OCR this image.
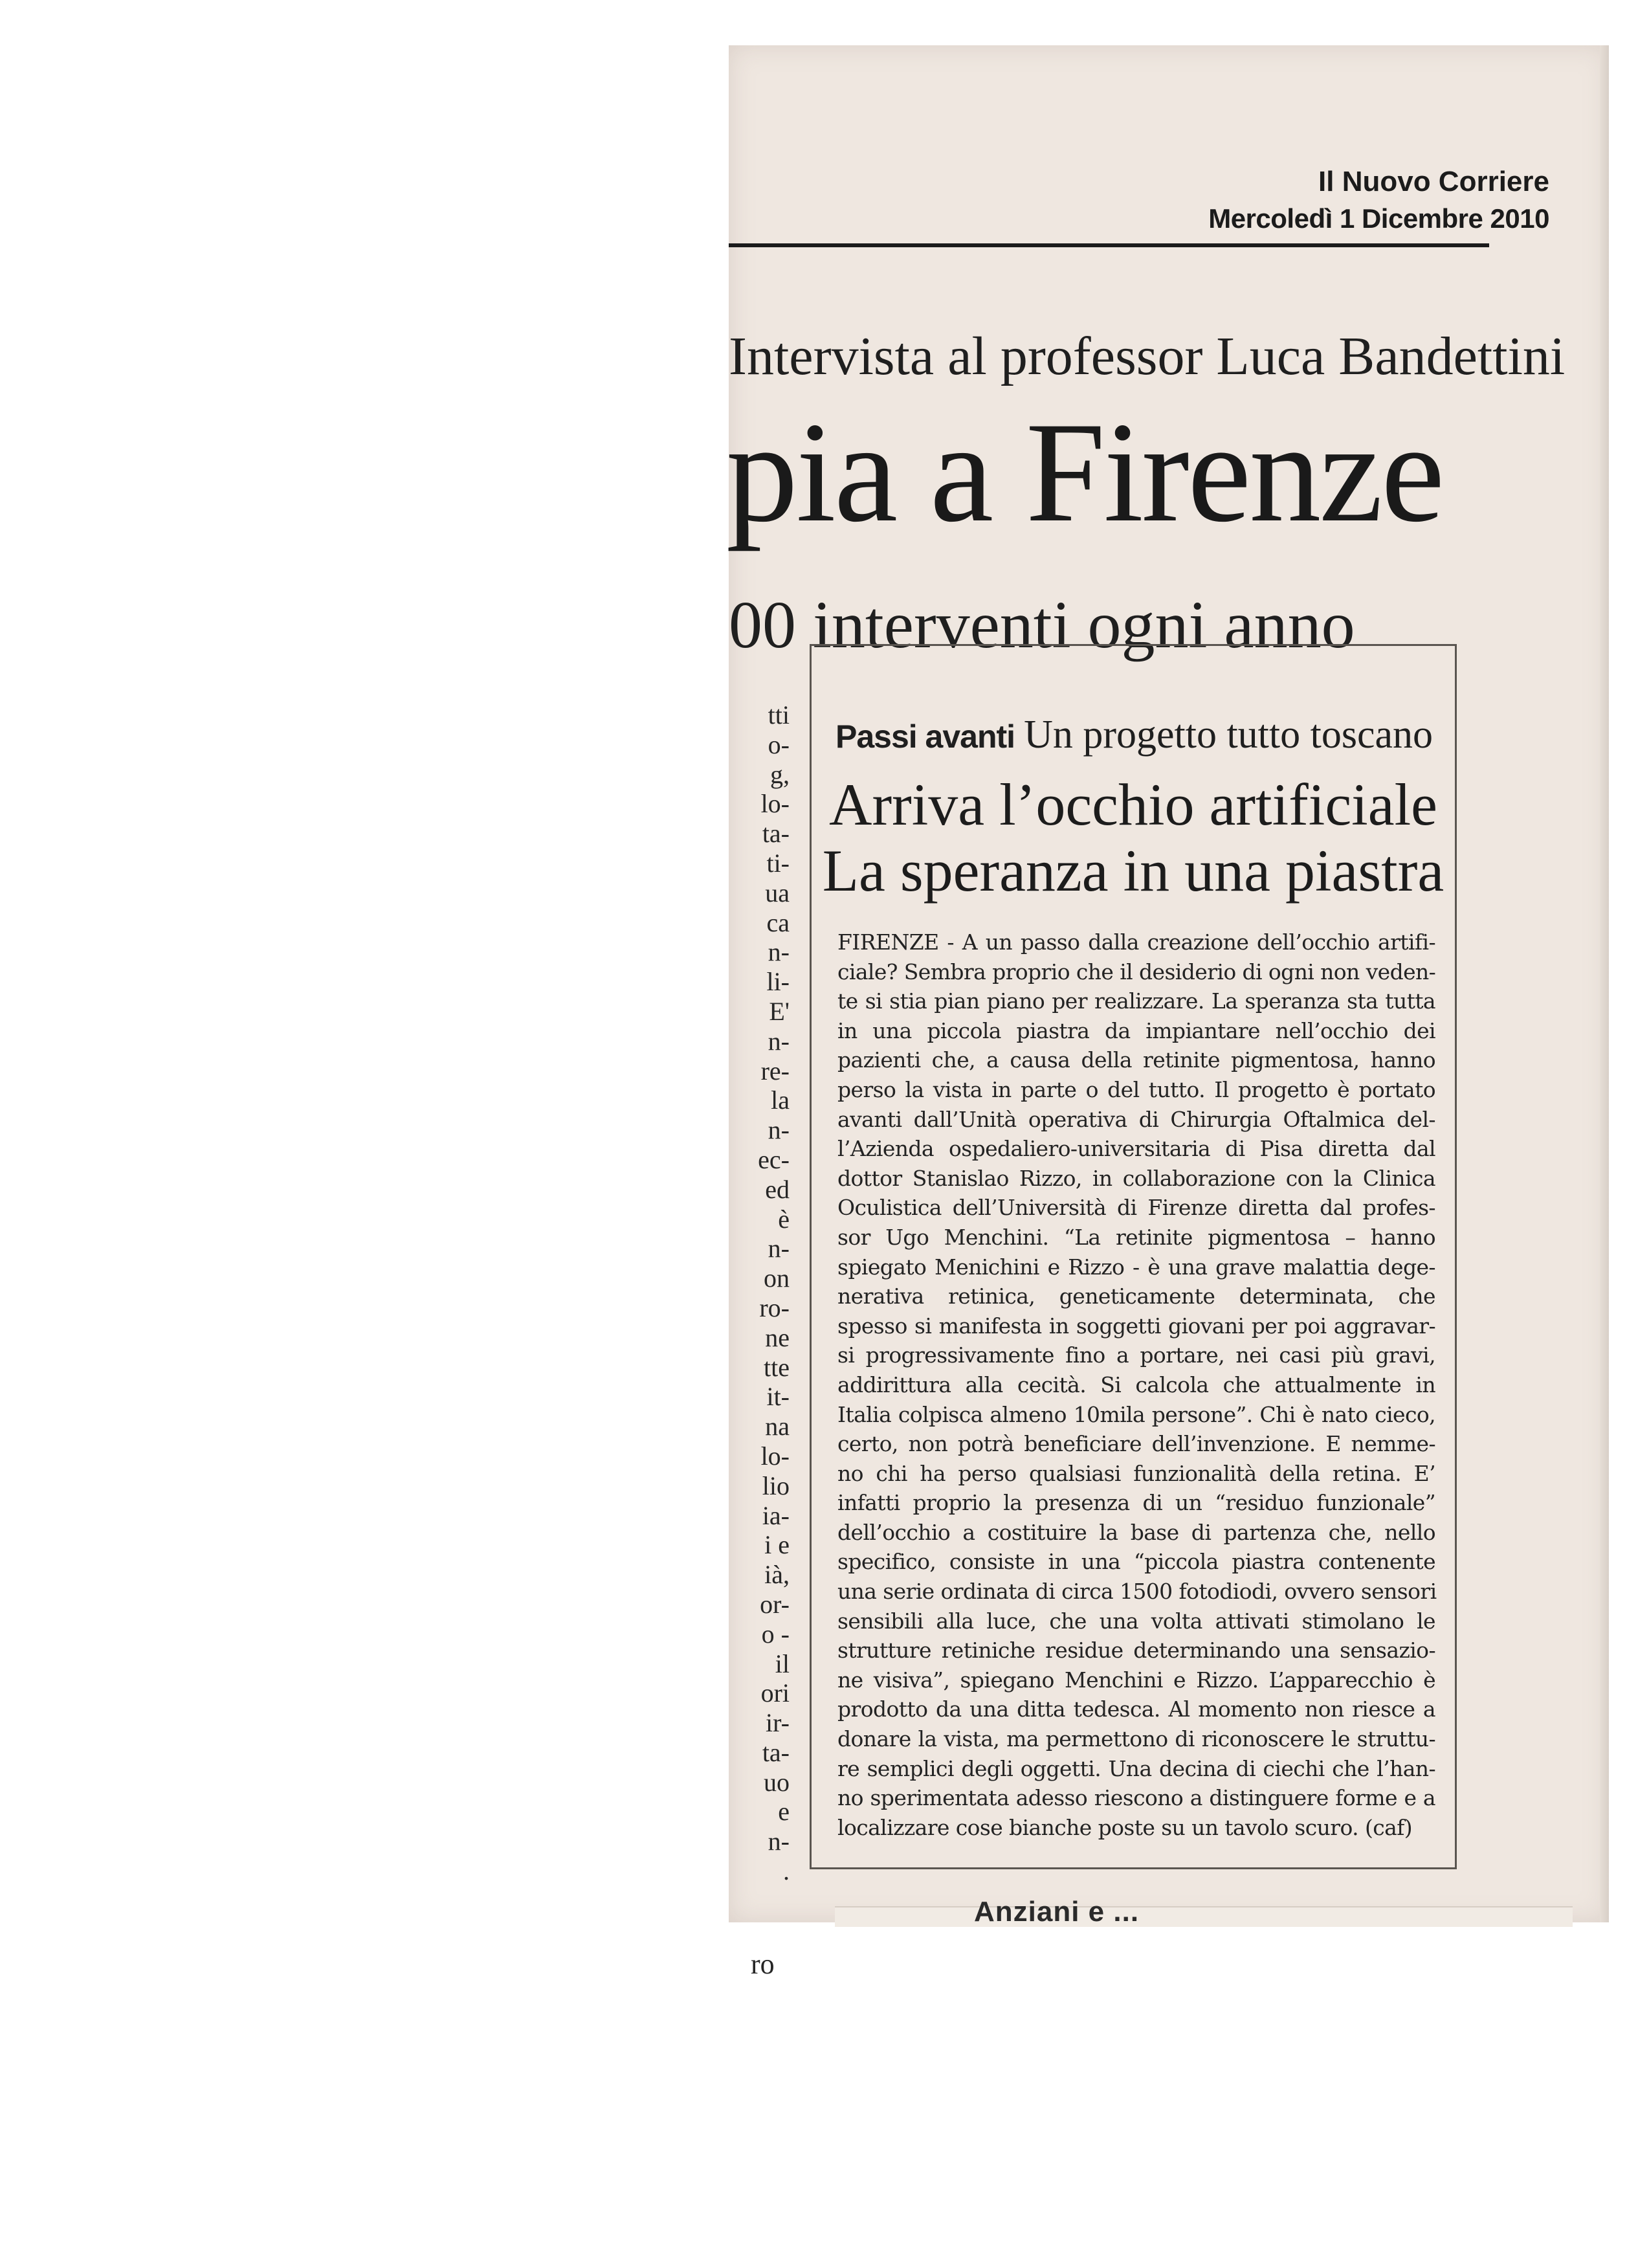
Il Nuovo Corriere
Mercoledì 1 Dicembre 2010
Intervista al professor Luca Bandettini
pia a Firenze
00 interventi ogni anno
tti
o-
g,
lo-
ta-
ti-
ua
ca
n-
li-
E'
n-
re-
la
n-
ec-
ed
è
n-
on
ro-
ne
tte
it-
na
lo-
lio
ia-
i e
ià,
or-
o -
il
ori
ir-
ta-
uo
e
n-
.
ro
Passi avanti Un progetto tutto toscano
Arriva l’occhio artificiale
La speranza in una piastra
FIRENZE - A un passo dalla creazione dell’occhio artifi-
ciale? Sembra proprio che il desiderio di ogni non veden-
te si stia pian piano per realizzare. La speranza sta tutta
in una piccola piastra da impiantare nell’occhio dei
pazienti che, a causa della retinite pigmentosa, hanno
perso la vista in parte o del tutto. Il progetto è portato
avanti dall’Unità operativa di Chirurgia Oftalmica del-
l’Azienda ospedaliero-universitaria di Pisa diretta dal
dottor Stanislao Rizzo, in collaborazione con la Clinica
Oculistica dell’Università di Firenze diretta dal profes-
sor Ugo Menchini. “La retinite pigmentosa – hanno
spiegato Menichini e Rizzo - è una grave malattia dege-
nerativa retinica, geneticamente determinata, che
spesso si manifesta in soggetti giovani per poi aggravar-
si progressivamente fino a portare, nei casi più gravi,
addirittura alla cecità. Si calcola che attualmente in
Italia colpisca almeno 10mila persone”. Chi è nato cieco,
certo, non potrà beneficiare dell’invenzione. E nemme-
no chi ha perso qualsiasi funzionalità della retina. E’
infatti proprio la presenza di un “residuo funzionale”
dell’occhio a costituire la base di partenza che, nello
specifico, consiste in una “piccola piastra contenente
una serie ordinata di circa 1500 fotodiodi, ovvero sensori
sensibili alla luce, che una volta attivati stimolano le
strutture retiniche residue determinando una sensazio-
ne visiva”, spiegano Menchini e Rizzo. L’apparecchio è
prodotto da una ditta tedesca. Al momento non riesce a
donare la vista, ma permettono di riconoscere le struttu-
re semplici degli oggetti. Una decina di ciechi che l’han-
no sperimentata adesso riescono a distinguere forme e a
localizzare cose bianche poste su un tavolo scuro. (caf)
Anziani e ...
